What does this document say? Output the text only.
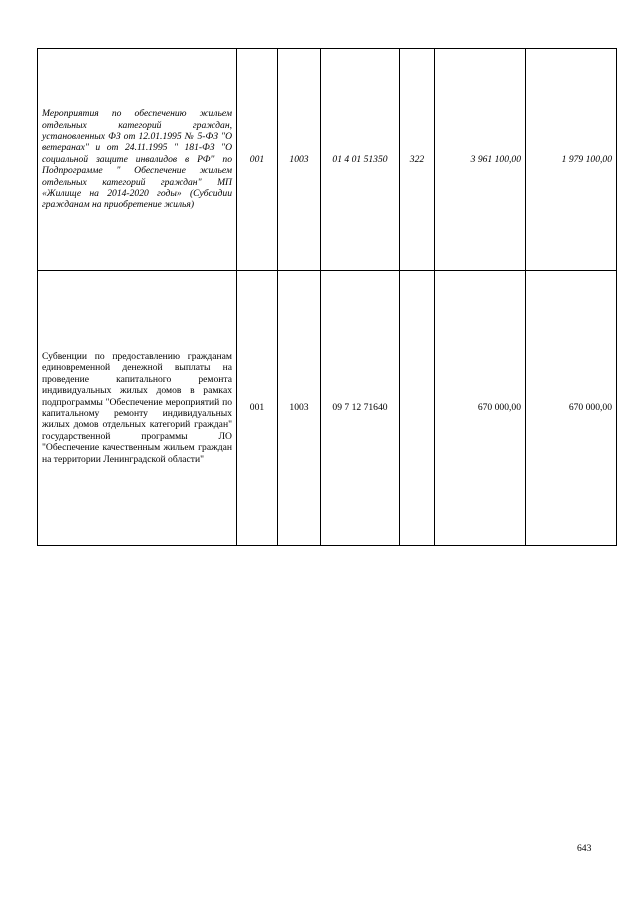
Мероприятия по обеспечению жильем отдельных категорий граждан, установленных ФЗ от 12.01.1995 № 5-ФЗ "О ветеранах" и от 24.11.1995 " 181-ФЗ "О социальной защите инвалидов в РФ" по Подпрограмме " Обеспечение жильем отдельных категорий граждан" МП «Жилище на 2014-2020 годы» (Субсидии гражданам на приобретение жилья)	001	1003	01 4 01 51350	322	3 961 100,00	1 979 100,00
Субвенции по предоставлению гражданам единовременной денежной выплаты на проведение капитального ремонта индивидуальных жилых домов в рамках подпрограммы "Обеспечение мероприятий по капитальному ремонту индивидуальных жилых домов отдельных категорий граждан" государственной программы ЛО "Обеспечение качественным жильем граждан на территории Ленинградской области"	001	1003	09 7 12 71640		670 000,00	670 000,00
643
